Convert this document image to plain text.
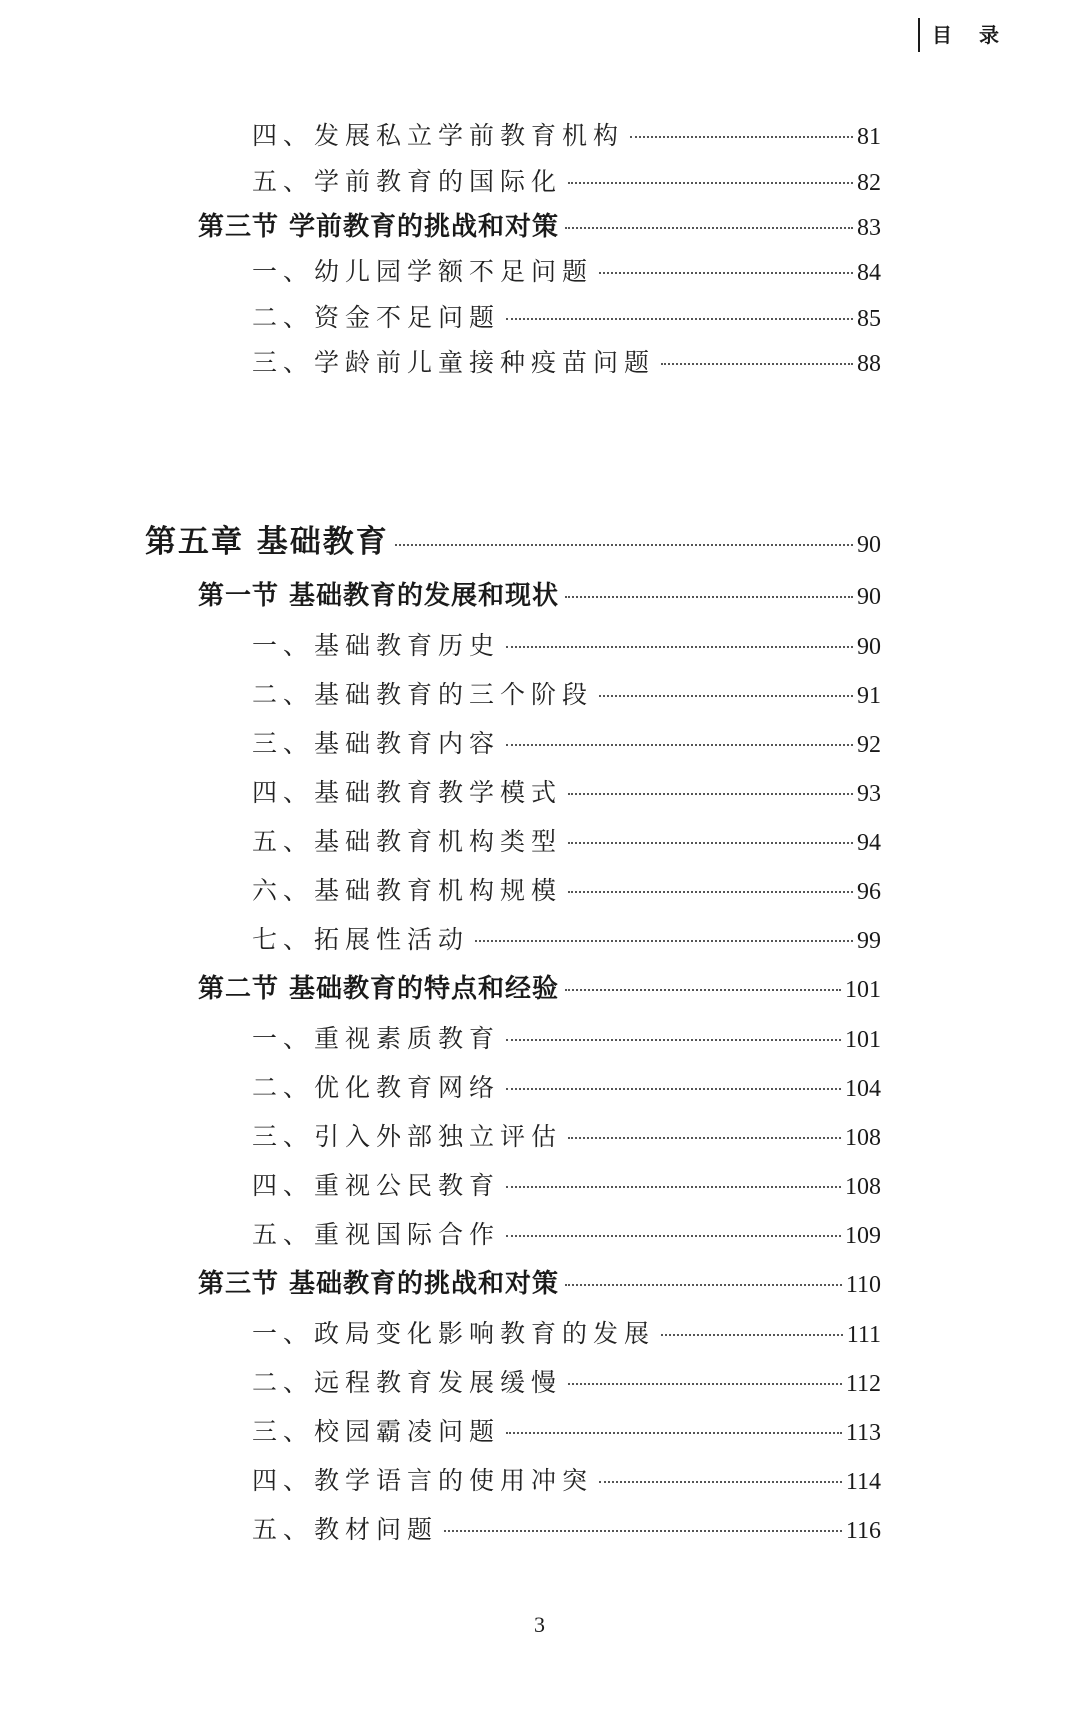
目 录
四、发展私立学前教育机构	81
五、学前教育的国际化	82
第三节 学前教育的挑战和对策	83
一、幼儿园学额不足问题	84
二、资金不足问题	85
三、学龄前儿童接种疫苗问题	88
第五章 基础教育	90
第一节 基础教育的发展和现状	90
一、基础教育历史	90
二、基础教育的三个阶段	91
三、基础教育内容	92
四、基础教育教学模式	93
五、基础教育机构类型	94
六、基础教育机构规模	96
七、拓展性活动	99
第二节 基础教育的特点和经验	101
一、重视素质教育	101
二、优化教育网络	104
三、引入外部独立评估	108
四、重视公民教育	108
五、重视国际合作	109
第三节 基础教育的挑战和对策	110
一、政局变化影响教育的发展	111
二、远程教育发展缓慢	112
三、校园霸凌问题	113
四、教学语言的使用冲突	114
五、教材问题	116
3
